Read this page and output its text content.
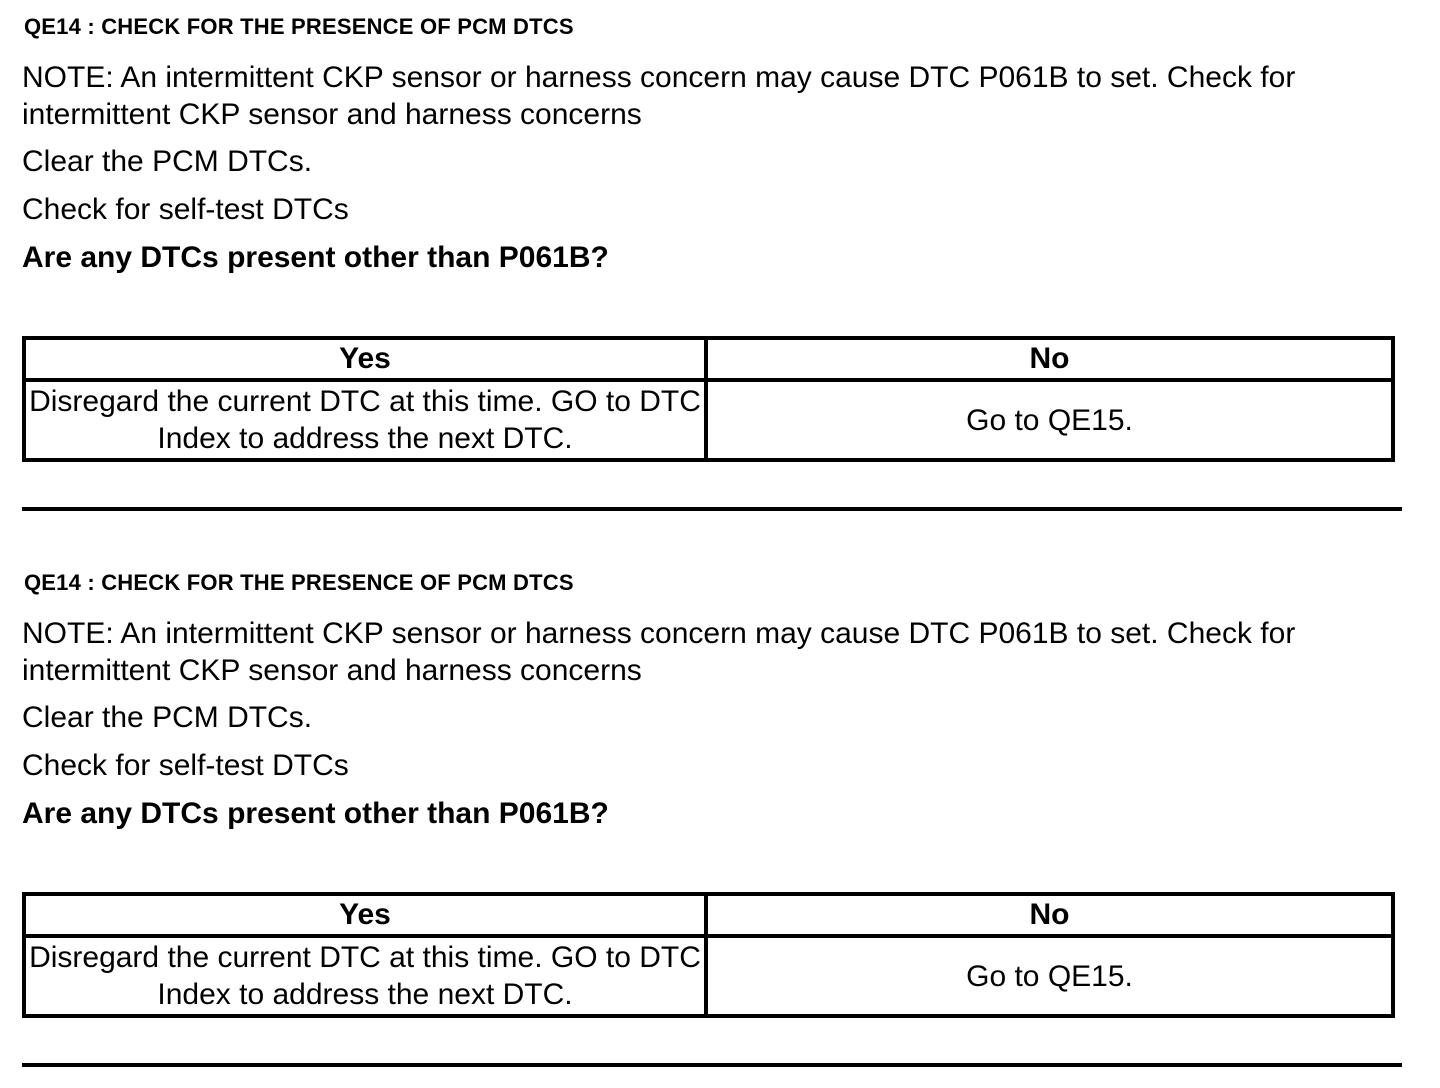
QE14 : CHECK FOR THE PRESENCE OF PCM DTCS
NOTE: An intermittent CKP sensor or harness concern may cause DTC P061B to set. Check for intermittent CKP sensor and harness concerns
Clear the PCM DTCs.
Check for self-test DTCs
Are any DTCs present other than P061B?
Yes	No
Disregard the current DTC at this time. GO to DTC Index to address the next DTC.	Go to QE15.
QE14 : CHECK FOR THE PRESENCE OF PCM DTCS
NOTE: An intermittent CKP sensor or harness concern may cause DTC P061B to set. Check for intermittent CKP sensor and harness concerns
Clear the PCM DTCs.
Check for self-test DTCs
Are any DTCs present other than P061B?
Yes	No
Disregard the current DTC at this time. GO to DTC Index to address the next DTC.	Go to QE15.
